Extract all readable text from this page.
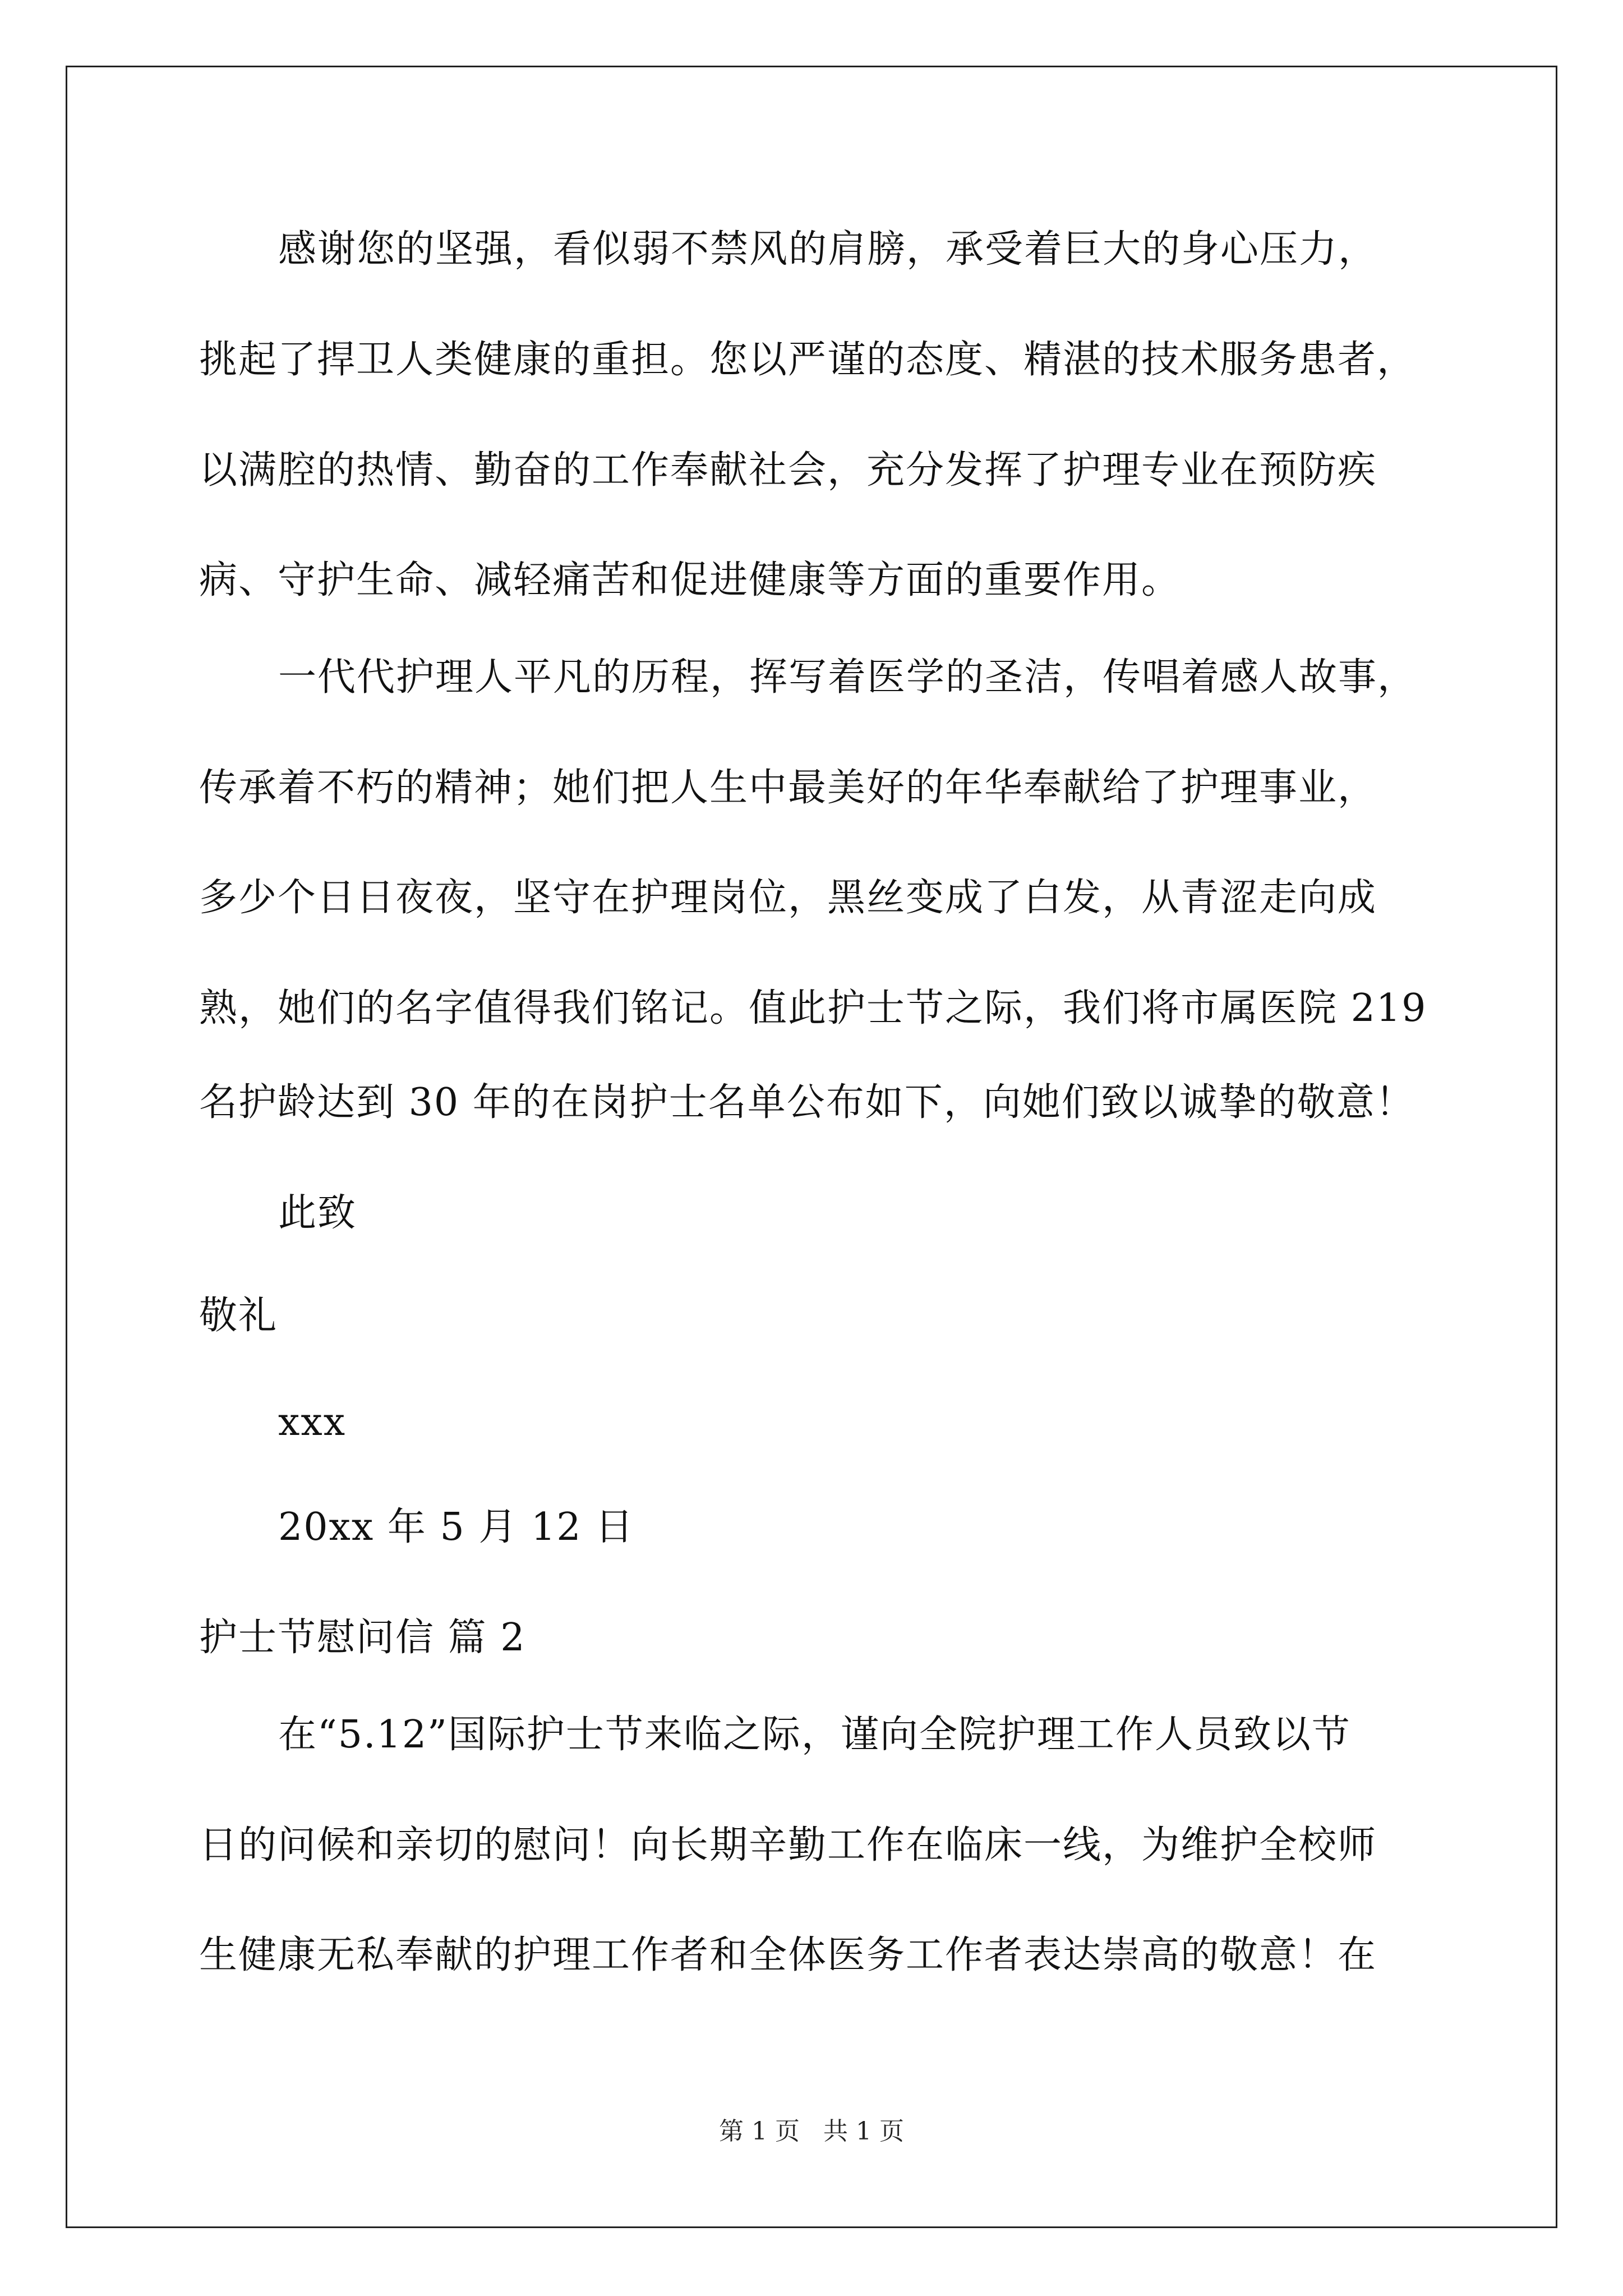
感谢您的坚强，看似弱不禁风的肩膀，承受着巨大的身心压力，
挑起了捍卫人类健康的重担。您以严谨的态度、精湛的技术服务患者，
以满腔的热情、勤奋的工作奉献社会，充分发挥了护理专业在预防疾
病、守护生命、减轻痛苦和促进健康等方面的重要作用。
一代代护理人平凡的历程，挥写着医学的圣洁，传唱着感人故事，
传承着不朽的精神；她们把人生中最美好的年华奉献给了护理事业，
多少个日日夜夜，坚守在护理岗位，黑丝变成了白发，从青涩走向成
熟，她们的名字值得我们铭记。值此护士节之际，我们将市属医院 219
名护龄达到 30 年的在岗护士名单公布如下，向她们致以诚挚的敬意！
此致
敬礼
xxx
20xx 年 5 月 12 日
护士节慰问信 篇 2
在“5.12”国际护士节来临之际，谨向全院护理工作人员致以节
日的问候和亲切的慰问！向长期辛勤工作在临床一线，为维护全校师
生健康无私奉献的护理工作者和全体医务工作者表达崇高的敬意！在
第 1 页   共 1 页
